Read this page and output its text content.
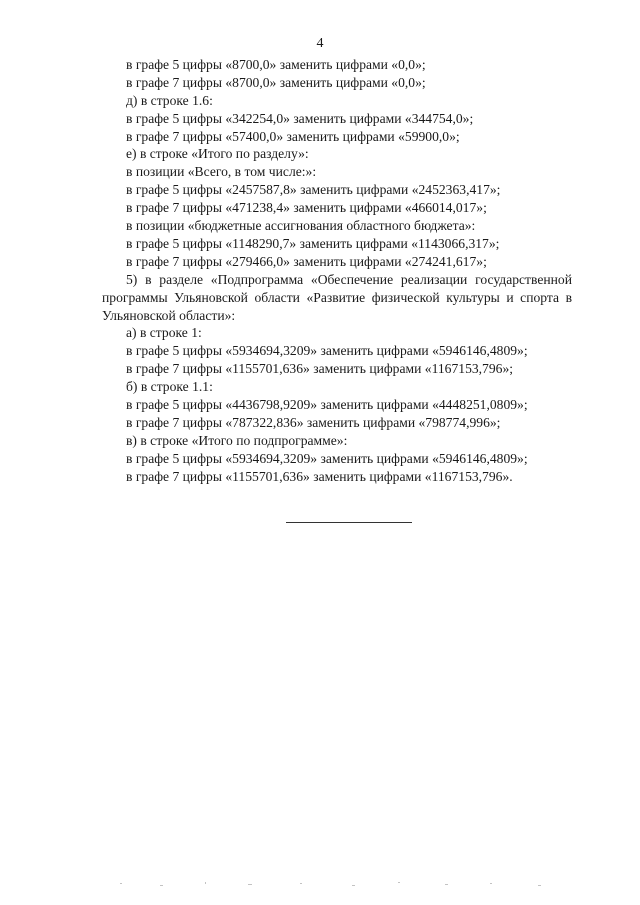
4
в графе 5 цифры «8700,0» заменить цифрами «0,0»;
в графе 7 цифры «8700,0» заменить цифрами «0,0»;
д) в строке 1.6:
в графе 5 цифры «342254,0» заменить цифрами «344754,0»;
в графе 7 цифры «57400,0» заменить цифрами «59900,0»;
е) в строке «Итого по разделу»:
в позиции «Всего, в том числе:»:
в графе 5 цифры «2457587,8» заменить цифрами «2452363,417»;
в графе 7 цифры «471238,4» заменить цифрами «466014,017»;
в позиции «бюджетные ассигнования областного бюджета»:
в графе 5 цифры «1148290,7» заменить цифрами «1143066,317»;
в графе 7 цифры «279466,0» заменить цифрами «274241,617»;
5) в разделе «Подпрограмма «Обеспечение реализации государственной программы Ульяновской области «Развитие физической культуры и спорта в Ульяновской области»:
а) в строке 1:
в графе 5 цифры «5934694,3209» заменить цифрами «5946146,4809»;
в графе 7 цифры «1155701,636» заменить цифрами «1167153,796»;
б) в строке 1.1:
в графе 5 цифры «4436798,9209» заменить цифрами «4448251,0809»;
в графе 7 цифры «787322,836» заменить цифрами «798774,996»;
в) в строке «Итого по подпрограмме»:
в графе 5 цифры «5934694,3209» заменить цифрами «5946146,4809»;
в графе 7 цифры «1155701,636» заменить цифрами «1167153,796».
